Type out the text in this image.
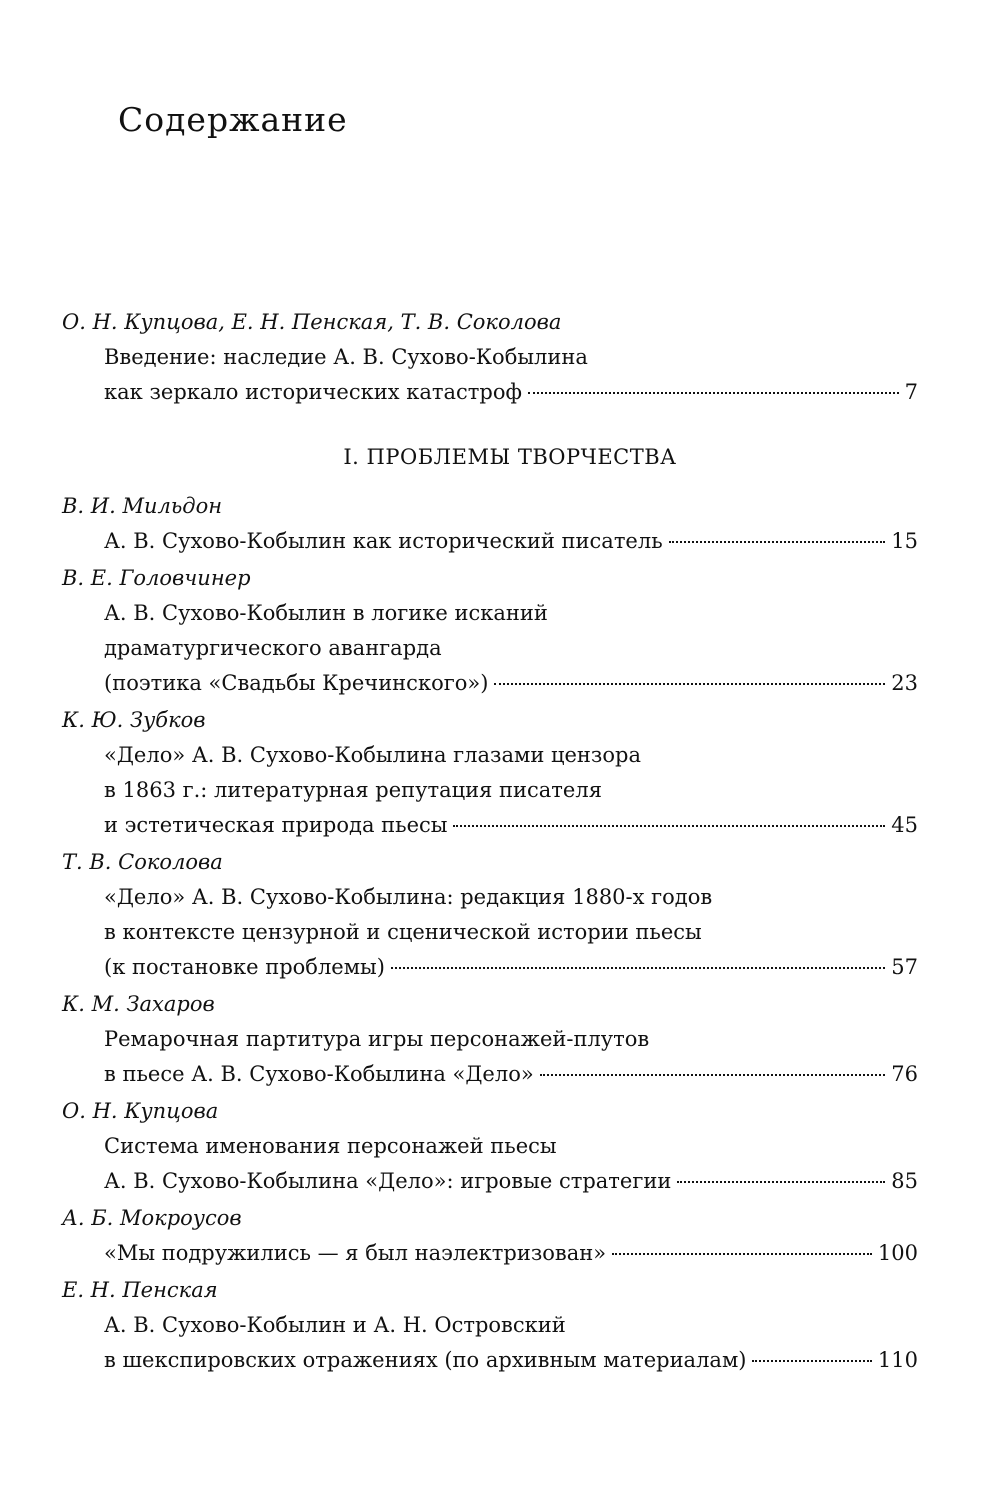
Содержание
О. Н. Купцова, Е. Н. Пенская, Т. В. Соколова
Введение: наследие А. В. Сухово-Кобылина
как зеркало исторических катастроф	7
I. ПРОБЛЕМЫ ТВОРЧЕСТВА
В. И. Мильдон
А. В. Сухово-Кобылин как исторический писатель	15
В. Е. Головчинер
А. В. Сухово-Кобылин в логике исканий
драматургического авангарда
(поэтика «Свадьбы Кречинского»)	23
К. Ю. Зубков
«Дело» А. В. Сухово-Кобылина глазами цензора
в 1863 г.: литературная репутация писателя
и эстетическая природа пьесы	45
Т. В. Соколова
«Дело» А. В. Сухово-Кобылина: редакция 1880-х годов
в контексте цензурной и сценической истории пьесы
(к постановке проблемы)	57
К. М. Захаров
Ремарочная партитура игры персонажей-плутов
в пьесе А. В. Сухово-Кобылина «Дело»	76
О. Н. Купцова
Система именования персонажей пьесы
А. В. Сухово-Кобылина «Дело»: игровые стратегии	85
А. Б. Мокроусов
«Мы подружились — я был наэлектризован»	100
Е. Н. Пенская
А. В. Сухово-Кобылин и А. Н. Островский
в шекспировских отражениях (по архивным материалам)	110
